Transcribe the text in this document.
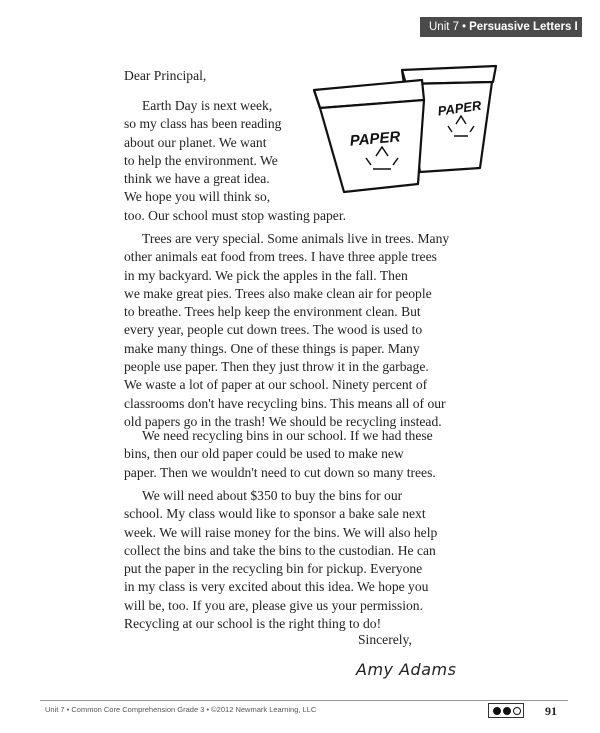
Unit 7 • Persuasive Letters I
Dear Principal,
Earth Day is next week,
so my class has been reading
about our planet. We want
to help the environment. We
think we have a great idea.
We hope you will think so,
too. Our school must stop wasting paper.
Trees are very special. Some animals live in trees. Many
other animals eat food from trees. I have three apple trees
in my backyard. We pick the apples in the fall. Then
we make great pies. Trees also make clean air for people
to breathe. Trees help keep the environment clean. But
every year, people cut down trees. The wood is used to
make many things. One of these things is paper. Many
people use paper. Then they just throw it in the garbage.
We waste a lot of paper at our school. Ninety percent of
classrooms don't have recycling bins. This means all of our
old papers go in the trash! We should be recycling instead.
We need recycling bins in our school. If we had these
bins, then our old paper could be used to make new
paper. Then we wouldn't need to cut down so many trees.
We will need about $350 to buy the bins for our
school. My class would like to sponsor a bake sale next
week. We will raise money for the bins. We will also help
collect the bins and take the bins to the custodian. He can
put the paper in the recycling bin for pickup. Everyone
in my class is very excited about this idea. We hope you
will be, too. If you are, please give us your permission.
Recycling at our school is the right thing to do!
PAPER
PAPER
Sincerely,
Amy Adams
Unit 7 • Common Core Comprehension Grade 3 • ©2012 Newmark Learning, LLC	91
